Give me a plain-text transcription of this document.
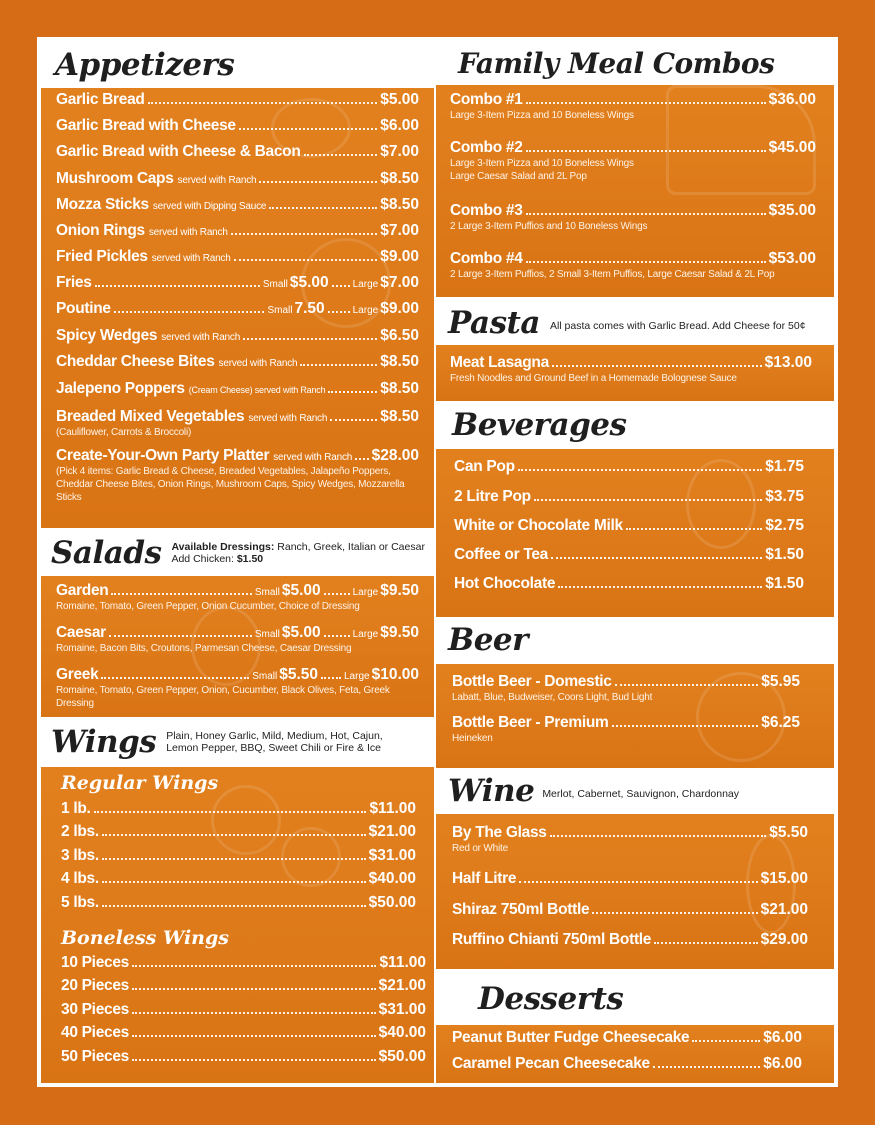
Appetizers
Garlic Bread	$5.00
Garlic Bread with Cheese	$6.00
Garlic Bread with Cheese & Bacon	$7.00
Mushroom Caps served with Ranch	$8.50
Mozza Sticks served with Dipping Sauce	$8.50
Onion Rings served with Ranch	$7.00
Fried Pickles served with Ranch	$9.00
Fries	Small $5.00 Large $7.00
Poutine	Small 7.50	Large $9.00
Spicy Wedges served with Ranch	$6.50
Cheddar Cheese Bites served with Ranch	$8.50
Jalepeno Poppers (Cream Cheese) served with Ranch	$8.50
Breaded Mixed Vegetables served with Ranch	$8.50
(Cauliflower, Carrots & Broccoli)
Create-Your-Own Party Platter served with Ranch $28.00
(Pick 4 items: Garlic Bread & Cheese, Breaded Vegetables, Jalapeño Poppers,
Cheddar Cheese Bites, Onion Rings, Mushroom Caps, Spicy Wedges, Mozzarella Sticks
Salads Available Dressings: Ranch, Greek, Italian or Caesar
Add Chicken: $1.50
Garden	Small $5.00	Large $9.50
Romaine, Tomato, Green Pepper, Onion Cucumber, Choice of Dressing
Caesar	Small $5.00	Large $9.50
Romaine, Bacon Bits, Croutons, Parmesan Cheese, Caesar Dressing
Greek	Small $5.50	Large $10.00
Romaine, Tomato, Green Pepper, Onion, Cucumber, Black Olives, Feta, Greek Dressing
Wings Plain, Honey Garlic, Mild, Medium, Hot, Cajun,
Lemon Pepper, BBQ, Sweet Chili or Fire & Ice
Regular Wings
1 lb.	$11.00
2 lbs.	$21.00
3 lbs.	$31.00
4 lbs.	$40.00
5 lbs.	$50.00
Boneless Wings
10 Pieces	$11.00
20 Pieces	$21.00
30 Pieces	$31.00
40 Pieces	$40.00
50 Pieces	$50.00
Family Meal Combos
Combo #1	$36.00
Large 3-Item Pizza and 10 Boneless Wings
Combo #2	$45.00
Large 3-Item Pizza and 10 Boneless Wings
Large Caesar Salad and 2L Pop
Combo #3	$35.00
2 Large 3-Item Puffios and 10 Boneless Wings
Combo #4	$53.00
2 Large 3-Item Puffios, 2 Small 3-Item Puffios, Large Caesar Salad & 2L Pop
Pasta All pasta comes with Garlic Bread. Add Cheese for 50¢
Meat Lasagna	$13.00
Fresh Noodles and Ground Beef in a Homemade Bolognese Sauce
Beverages
Can Pop	$1.75
2 Litre Pop	$3.75
White or Chocolate Milk	$2.75
Coffee or Tea	$1.50
Hot Chocolate	$1.50
Beer
Bottle Beer - Domestic	$5.95
Labatt, Blue, Budweiser, Coors Light, Bud Light
Bottle Beer - Premium	$6.25
Heineken
Wine Merlot, Cabernet, Sauvignon, Chardonnay
By The Glass	$5.50
Red or White
Half Litre	$15.00
Shiraz 750ml Bottle	$21.00
Ruffino Chianti 750ml Bottle	$29.00
Desserts
Peanut Butter Fudge Cheesecake	$6.00
Caramel Pecan Cheesecake	$6.00
